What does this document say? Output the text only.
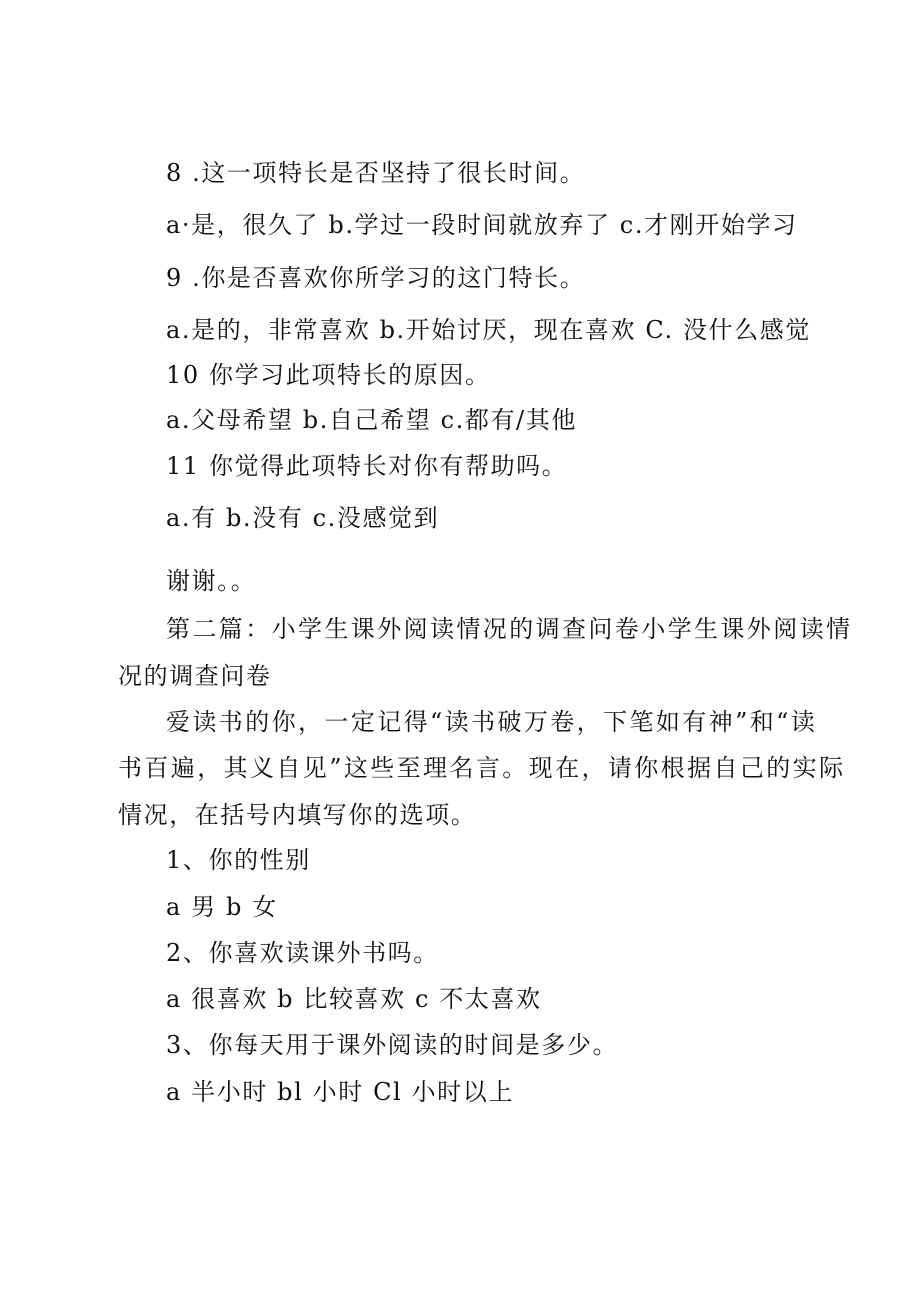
8 .这一项特长是否坚持了很长时间。
a·是，很久了 b.学过一段时间就放弃了 c.才刚开始学习
9 .你是否喜欢你所学习的这门特长。
a.是的，非常喜欢 b.开始讨厌，现在喜欢 C. 没什么感觉
10 你学习此项特长的原因。
a.父母希望 b.自己希望 c.都有/其他
11 你觉得此项特长对你有帮助吗。
a.有 b.没有 c.没感觉到
谢谢。。
第二篇：小学生课外阅读情况的调查问卷小学生课外阅读情
况的调查问卷
爱读书的你，一定记得“读书破万卷，下笔如有神”和“读
书百遍，其义自见”这些至理名言。现在，请你根据自己的实际
情况，在括号内填写你的选项。
1、你的性别
a 男 b 女
2、你喜欢读课外书吗。
a 很喜欢 b 比较喜欢 c 不太喜欢
3、你每天用于课外阅读的时间是多少。
a 半小时 bl 小时 Cl 小时以上
